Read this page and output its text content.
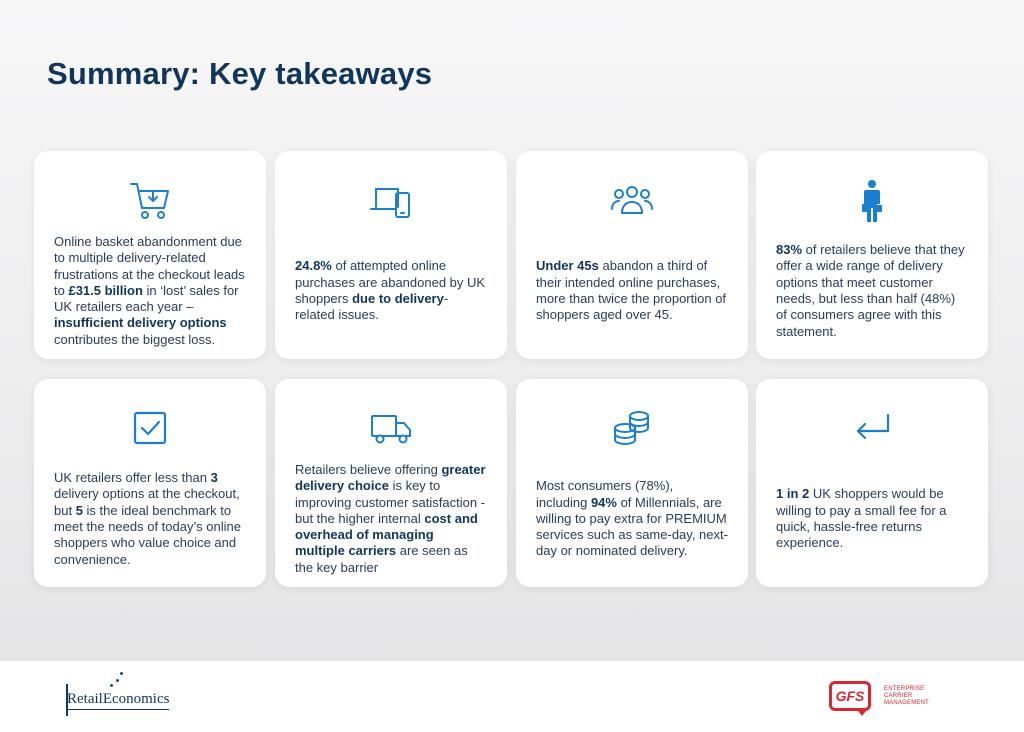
Summary: Key takeaways

Online basket abandonment due to multiple delivery-related frustrations at the checkout leads to £31.5 billion in ‘lost’ sales for UK retailers each year – insufficient delivery options contributes the biggest loss.

24.8% of attempted online purchases are abandoned by UK shoppers due to delivery-related issues.

Under 45s abandon a third of their intended online purchases, more than twice the proportion of shoppers aged over 45.

83% of retailers believe that they offer a wide range of delivery options that meet customer needs, but less than half (48%) of consumers agree with this statement.

UK retailers offer less than 3 delivery options at the checkout, but 5 is the ideal benchmark to meet the needs of today’s online shoppers who value choice and convenience.

Retailers believe offering greater delivery choice is key to improving customer satisfaction - but the higher internal cost and overhead of managing multiple carriers are seen as the key barrier

Most consumers (78%), including 94% of Millennials, are willing to pay extra for PREMIUM services such as same-day, next-day or nominated delivery.

1 in 2 UK shoppers would be willing to pay a small fee for a quick, hassle-free returns experience.

RetailEconomics	GFS	ENTERPRISE
CARRIER
MANAGEMENT
